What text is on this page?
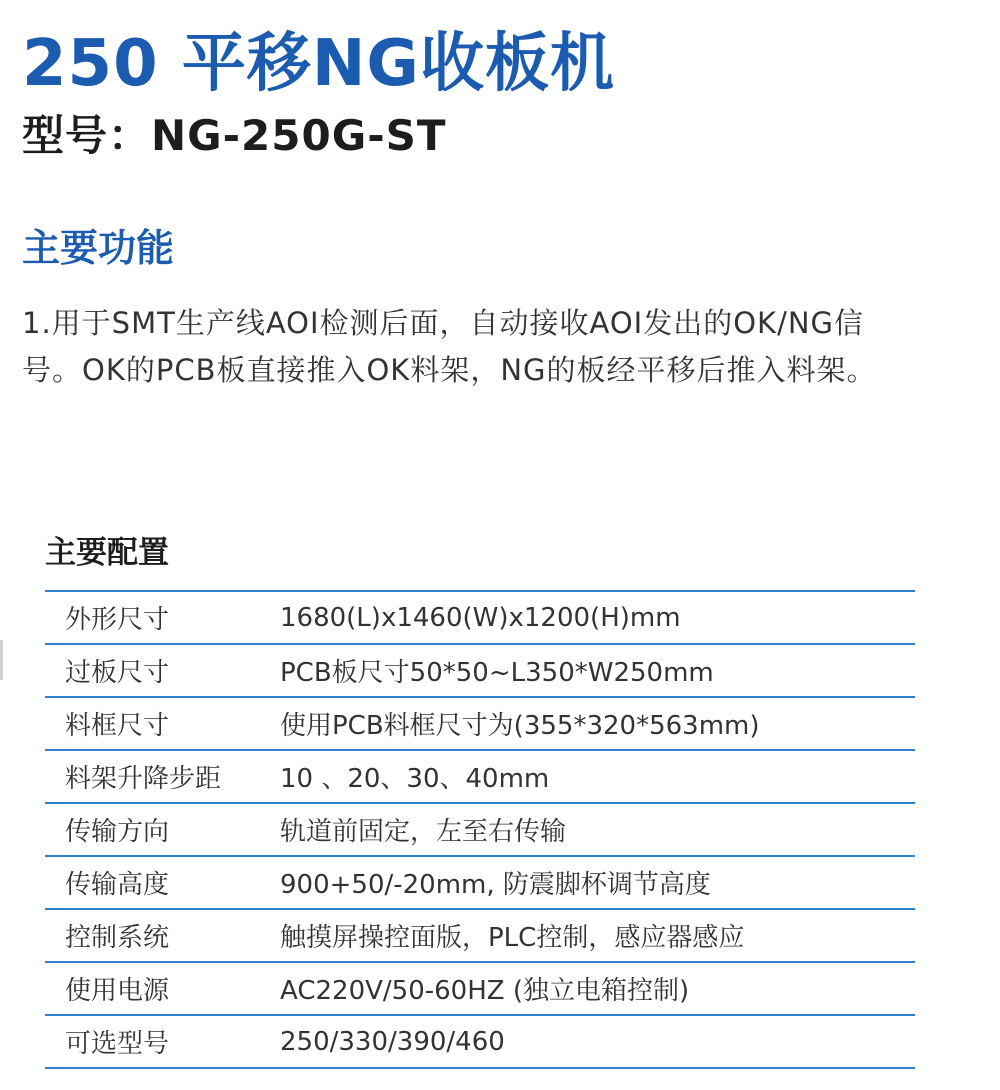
250 平移NG收板机
型号：NG-250G-ST
主要功能
1.用于SMT生产线AOI检测后面，自动接收AOI发出的OK/NG信号。OK的PCB板直接推入OK料架，NG的板经平移后推入料架。
主要配置
外形尺寸	1680(L)x1460(W)x1200(H)mm
过板尺寸	PCB板尺寸50*50~L350*W250mm
料框尺寸	使用PCB料框尺寸为(355*320*563mm)
料架升降步距	10 、20、30、40mm
传输方向	轨道前固定，左至右传输
传输高度	900+50/-20mm, 防震脚杯调节高度
控制系统	触摸屏操控面版，PLC控制，感应器感应
使用电源	AC220V/50-60HZ (独立电箱控制)
可选型号	250/330/390/460
